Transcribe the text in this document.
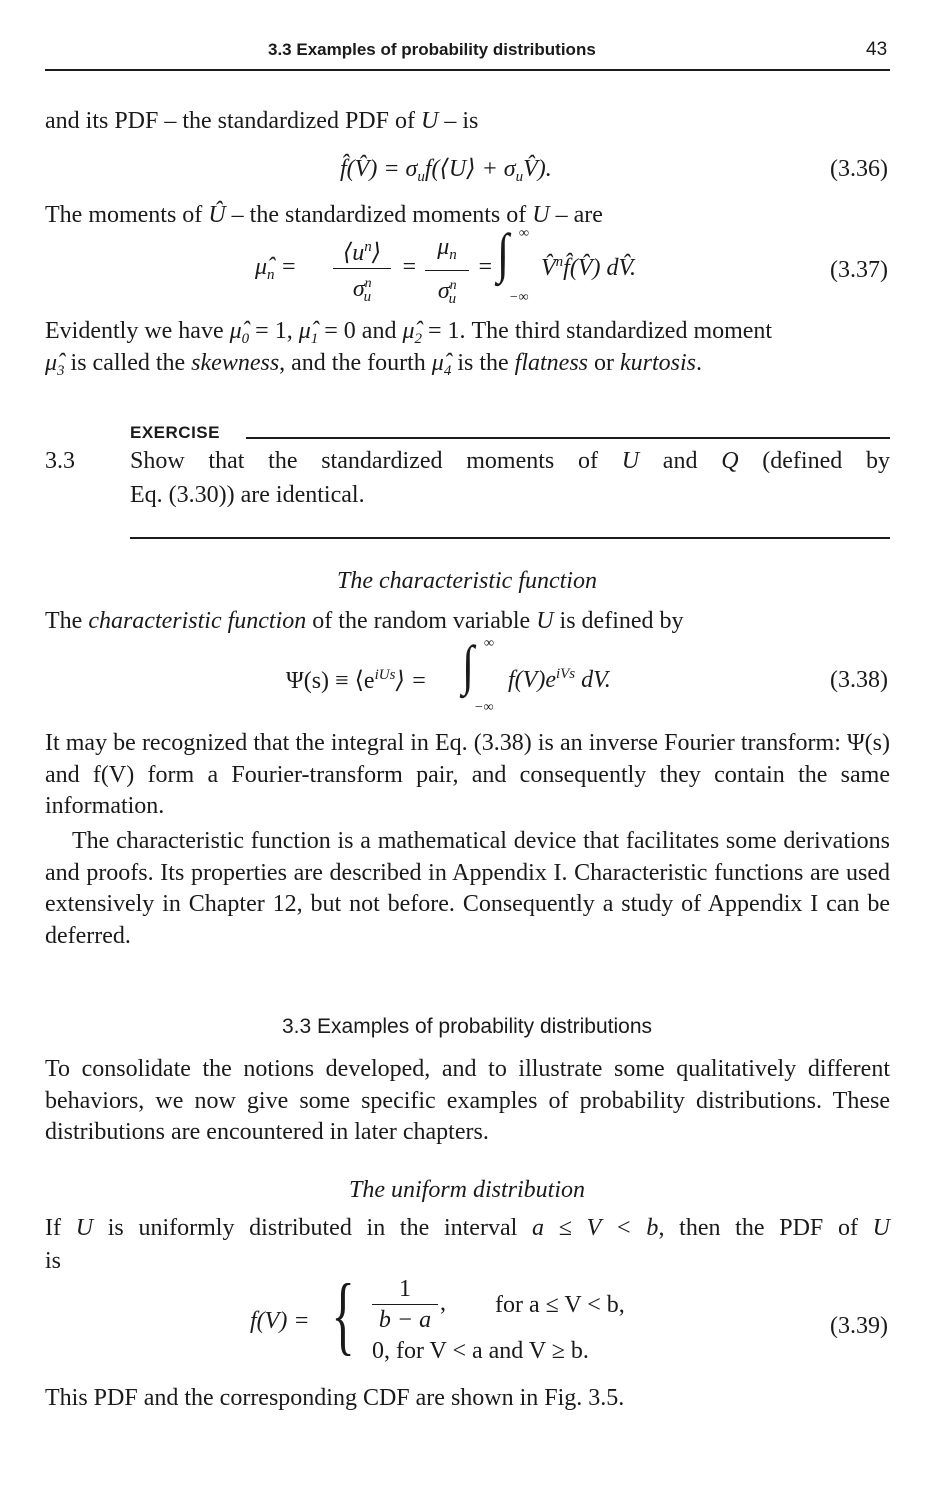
3.3 Examples of probability distributions	43
and its PDF – the standardized PDF of U – is
f̂(V̂) = $\sigma_uf(⟨U⟩$ + $\sigma_uV̂$).	(3.36)
The moments of Û – the standardized moments of U – are
$\mû_n$ =
$⟨u^n⟩$
$\sigma^n_u$
=
$\mu_n$
$\sigma^n_u$
= ∫ ∞
−∞
V̂$^n$f̂(V̂) dV̂.	(3.37)
Evidently we have $\mû_0 = 1$, $\mû_1 = 0$ and $\mû_2 = 1$. The third standardized moment
$\mû_3$ is called the skewness, and the fourth $\mû_4$ is the flatness or kurtosis.
EXERCISE
3.3 Show that the standardized moments of U and Q (defined by
Eq. (3.30)) are identical.
The characteristic function
The characteristic function of the random variable U is defined by
$\Psi(s) \equiv ⟨e^{iUs}⟩$ = ∫ ∞
−∞
$f(V)e^{iVs}$ dV.	(3.38)
It may be recognized that the integral in Eq. (3.38) is an inverse Fourier transform: Ψ(s) and f(V) form a Fourier-transform pair, and consequently they contain the same information.
The characteristic function is a mathematical device that facilitates some derivations and proofs. Its properties are described in Appendix I. Characteristic functions are used extensively in Chapter 12, but not before. Consequently a study of Appendix I can be deferred.
3.3 Examples of probability distributions
To consolidate the notions developed, and to illustrate some qualitatively different behaviors, we now give some specific examples of probability distributions. These distributions are encountered in later chapters.
The uniform distribution
If U is uniformly distributed in the interval a ≤ V < b, then the PDF of U
is
f(V) = {	1
b − a
, for a ≤ V < b,
0, for V < a and V ≥ b.
(3.39)
This PDF and the corresponding CDF are shown in Fig. 3.5.
